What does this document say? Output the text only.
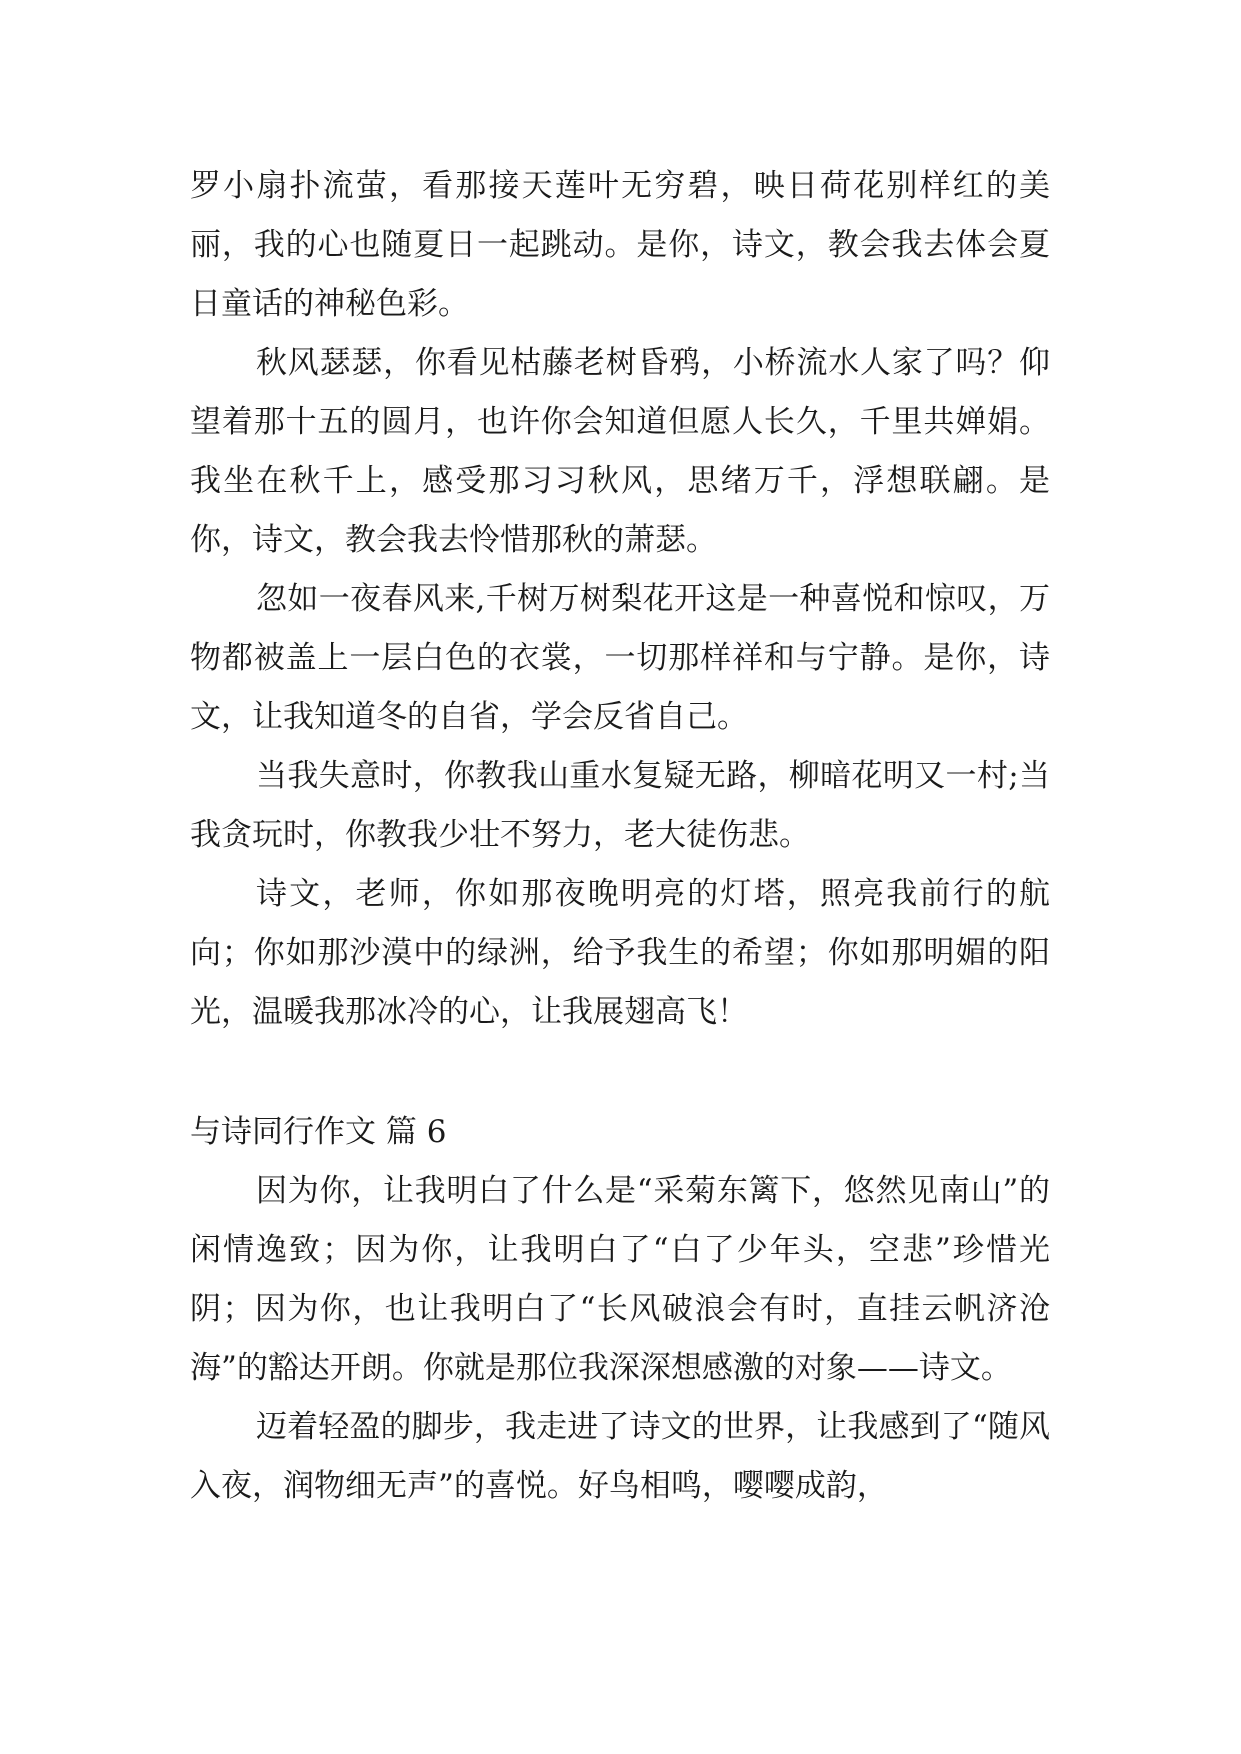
罗小扇扑流萤，看那接天莲叶无穷碧，映日荷花别样红的美丽，我的心也随夏日一起跳动。是你，诗文，教会我去体会夏日童话的神秘色彩。

秋风瑟瑟，你看见枯藤老树昏鸦，小桥流水人家了吗？仰望着那十五的圆月，也许你会知道但愿人长久，千里共婵娟。我坐在秋千上，感受那习习秋风，思绪万千，浮想联翩。是你，诗文，教会我去怜惜那秋的萧瑟。

忽如一夜春风来,千树万树梨花开这是一种喜悦和惊叹，万物都被盖上一层白色的衣裳，一切那样祥和与宁静。是你，诗文，让我知道冬的自省，学会反省自己。

当我失意时，你教我山重水复疑无路，柳暗花明又一村;当我贪玩时，你教我少壮不努力，老大徒伤悲。

诗文，老师，你如那夜晚明亮的灯塔，照亮我前行的航向；你如那沙漠中的绿洲，给予我生的希望；你如那明媚的阳光，温暖我那冰冷的心，让我展翅高飞！

与诗同行作文 篇 6

因为你，让我明白了什么是“采菊东篱下，悠然见南山”的闲情逸致；因为你，让我明白了“白了少年头，空悲”珍惜光阴；因为你，也让我明白了“长风破浪会有时，直挂云帆济沧海”的豁达开朗。你就是那位我深深想感激的对象——诗文。

迈着轻盈的脚步，我走进了诗文的世界，让我感到了“随风入夜，润物细无声”的喜悦。好鸟相鸣，嘤嘤成韵，
